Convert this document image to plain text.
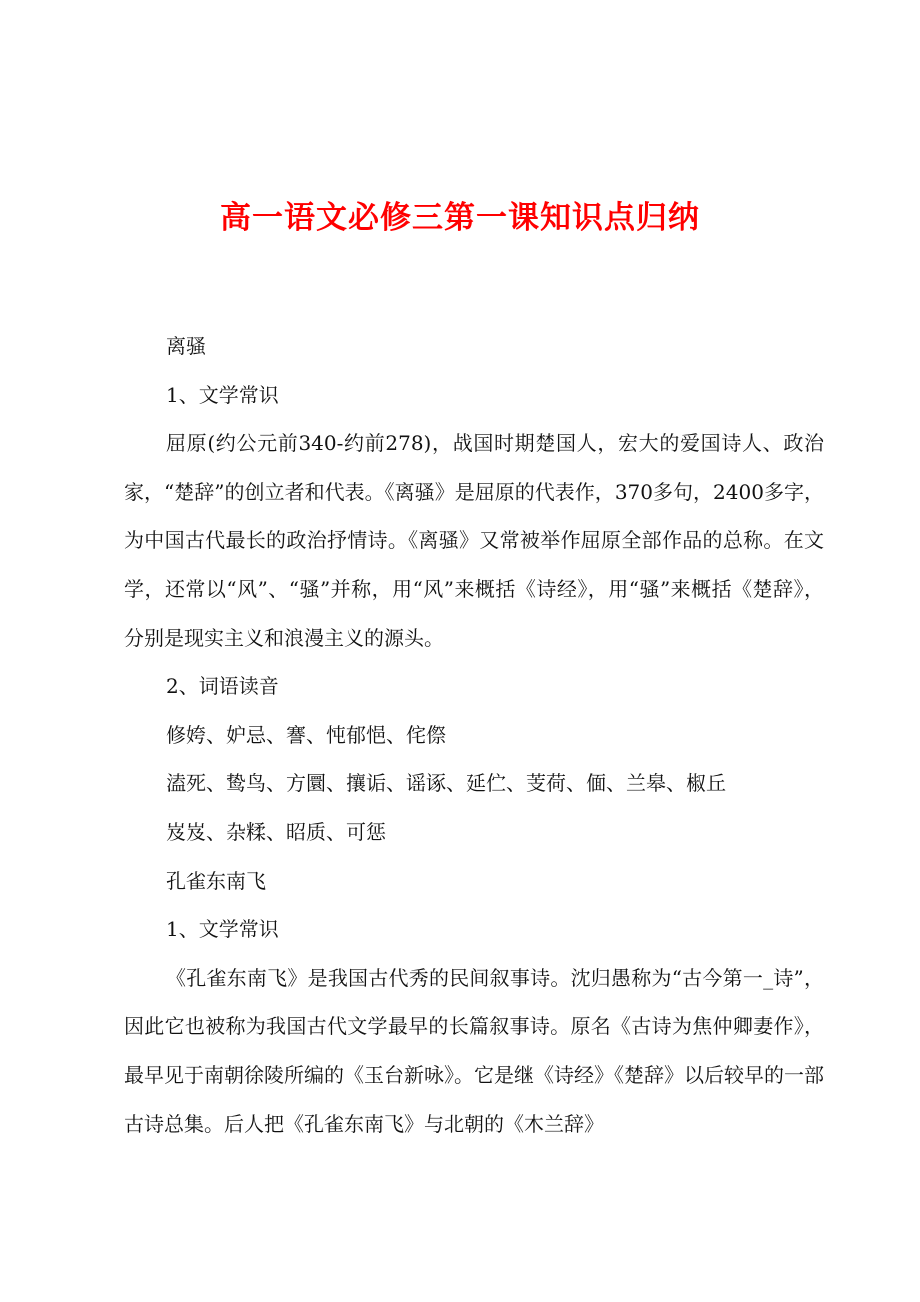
高一语文必修三第一课知识点归纳

离骚

1、文学常识

屈原(约公元前340-约前278)，战国时期楚国人，宏大的爱国诗人、政治家，“楚辞”的创立者和代表。《离骚》是屈原的代表作，370多句，2400多字，为中国古代最长的政治抒情诗。《离骚》又常被举作屈原全部作品的总称。在文学，还常以“风”、“骚”并称，用“风”来概括《诗经》，用“骚”来概括《楚辞》，分别是现实主义和浪漫主义的源头。

2、词语读音

修姱、妒忌、謇、忳郁悒、侘傺

溘死、鸷鸟、方圜、攘诟、谣诼、延伫、芰荷、偭、兰皋、椒丘

岌岌、杂糅、昭质、可惩

孔雀东南飞

1、文学常识

《孔雀东南飞》是我国古代秀的民间叙事诗。沈归愚称为“古今第一_诗”，因此它也被称为我国古代文学最早的长篇叙事诗。原名《古诗为焦仲卿妻作》，最早见于南朝徐陵所编的《玉台新咏》。它是继《诗经》《楚辞》以后较早的一部古诗总集。后人把《孔雀东南飞》与北朝的《木兰辞》
